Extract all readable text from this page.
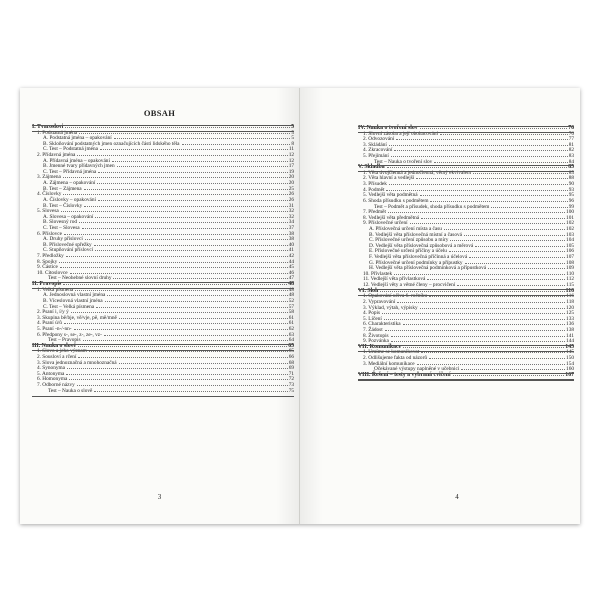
OBSAH
I. Tvaroslovi	5
1. Podstatná jména	5
A. Podstatná jména – opakování	5
B. Skloňování podstatných jmen označujících části lidského těla	8
C. Test – Podstatná jména	11
2. Přídavná jména	12
A. Přídavná jména – opakování	12
B. Jmenné tvary přídavných jmen	17
C. Test – Přídavná jména	19
3. Zájmena	20
A. Zájmena – opakování	20
B. Test – Zájmena	25
4. Číslovky	26
A. Číslovky – opakování	26
B. Test – Číslovky	31
5. Slovesa	32
A. Slovesa – opakování	32
B. Slovesný rod	34
C. Test – Slovesa	37
6. Příslovce	38
A. Druhy příslovcí	38
B. Příslovečné spřežky	40
C. Stupňování příslovcí	41
7. Předložky	42
8. Spojky	44
9. Částice	45
10. Citoslovce	46
Test – Neohebné slovní druhy	47
II. Pravopis	48
1. Velká písmena	48
A. Jednoslovná vlastní jména	48
B. Víceslovná vlastní jména	52
C. Test – Velká písmena	57
2. Psaní i, í/y ý	58
3. Skupina bě/bje, vě/vje, pě, mě/mně	61
4. Psaní ú/ů	61
5. Psaní -n-/-nn-	62
6. Předpony s-, se-, z-, ze-, vz-	63
Test – Pravopis	64
III. Nauka o slově	65
1. Slovo a jeho význam	65
2. Sousloví a rčení	66
3. Slova jednoznačná a mnohoznačná	68
4. Synonyma	69
5. Antonyma	71
6. Homonyma	72
7. Odborné názvy	73
Test – Nauka o slově	75
3
IV. Nauka o tvoření slov	76
1. Slovní zásoba a její obohacování	76
2. Odvozování	77
3. Skládání	81
4. Zkracování	82
5. Přejímání	83
Test – Nauka o tvoření slov	84
V. Skladba	85
1. Věta dvojčlenná a jednočlenná, větný ekvivalent	85
2. Věta hlavní a vedlejší	88
3. Přísudek	90
4. Podmět	93
5. Vedlejší věta podmětná	95
6. Shoda přísudku s podmětem	96
Test – Podmět a přísudek, shoda přísudku s podmětem	99
7. Předmět	100
8. Vedlejší věta předmětná	101
9. Příslovečné určení	102
A. Příslovečná určení místa a času	102
B. Vedlejší věta příslovečná místní a časová	103
C. Příslovečné určení způsobu a míry	104
D. Vedlejší věta příslovečná způsobová a měrová	105
E. Příslovečné určení příčiny a účelu	106
F. Vedlejší věta příslovečná příčinná a účelová	107
G. Příslovečné určení podmínky a přípustky	108
H. Vedlejší věta příslovečná podmínková a přípustková	109
10. Přívlastek	110
11. Vedlejší věta přívlastková	112
12. Vedlejší věty a větné členy – procvičení	115
VI. Sloh	116
1. Opakování učiva 6. ročníku	116
2. Vypravování	118
3. Výklad, výtah, výpisky	120
4. Popis	125
5. Líčení	133
6. Charakteristika	136
7. Žádost	138
8. Životopis	141
9. Pozvánka	144
VII. Komunikace	145
1. Umíme se komunikovat	145
2. Odlišujeme fakta od názorů	150
3. Mediální komunikace	154
Očekávané výstupy naplněné v učebnici	160
VIII. Řešení – testy a vybraná cvičení	167
4
